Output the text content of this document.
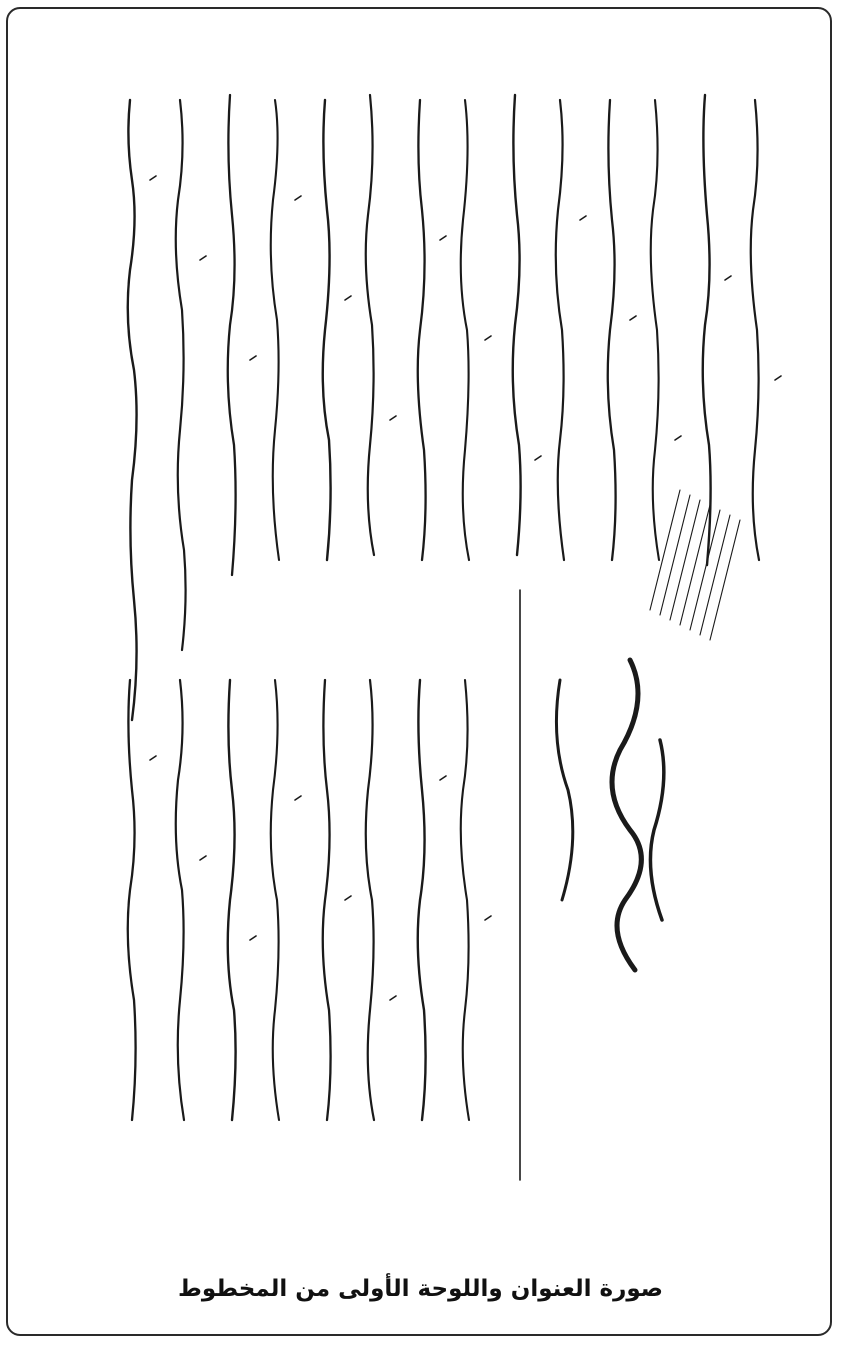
صورة العنوان واللوحة الأولى من المخطوط
